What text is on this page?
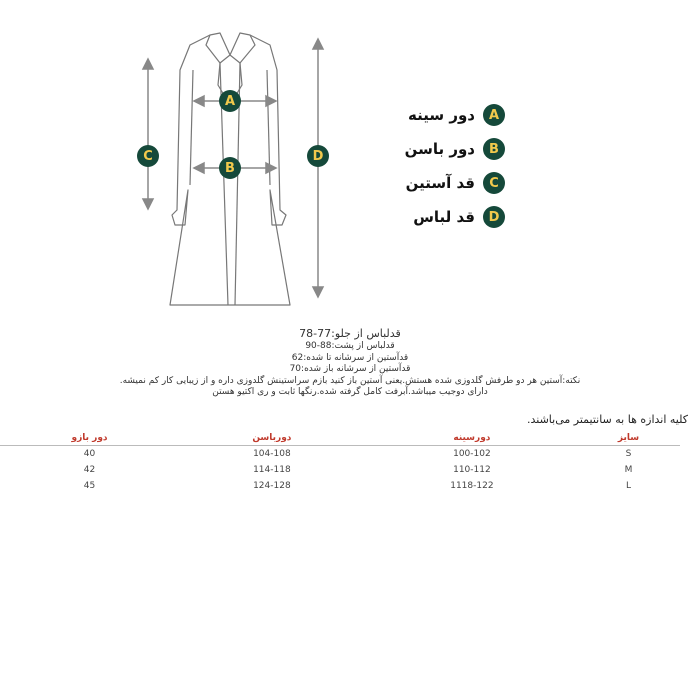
A
B
C	D
دور سینه	A
دور باسن	B
قد آستین	C
قد لباس	D
قدلباس از جلو:77-78
قدلباس از پشت:88-90
قدآستین از سرشانه تا شده:62
قدآستین از سرشانه باز شده:70
نکته:آستین هر دو طرفش گلدوزی شده هستش.یعنی آستین باز کنید بازم سراستینش گلدوزی داره و از زیبایی کار کم نمیشه.
دارای دوجیب میباشد.آبرفت کامل گرفته شده.رنگها ثابت و ری اکتیو هستن
کلیه اندازه ها به سانتیمتر می‌باشند.
سایز	دورسینه	دورباسن	دور بازو	
S	100-102	104-108	40	
M	110-112	114-118	42	
L	1118-122	124-128	45	
